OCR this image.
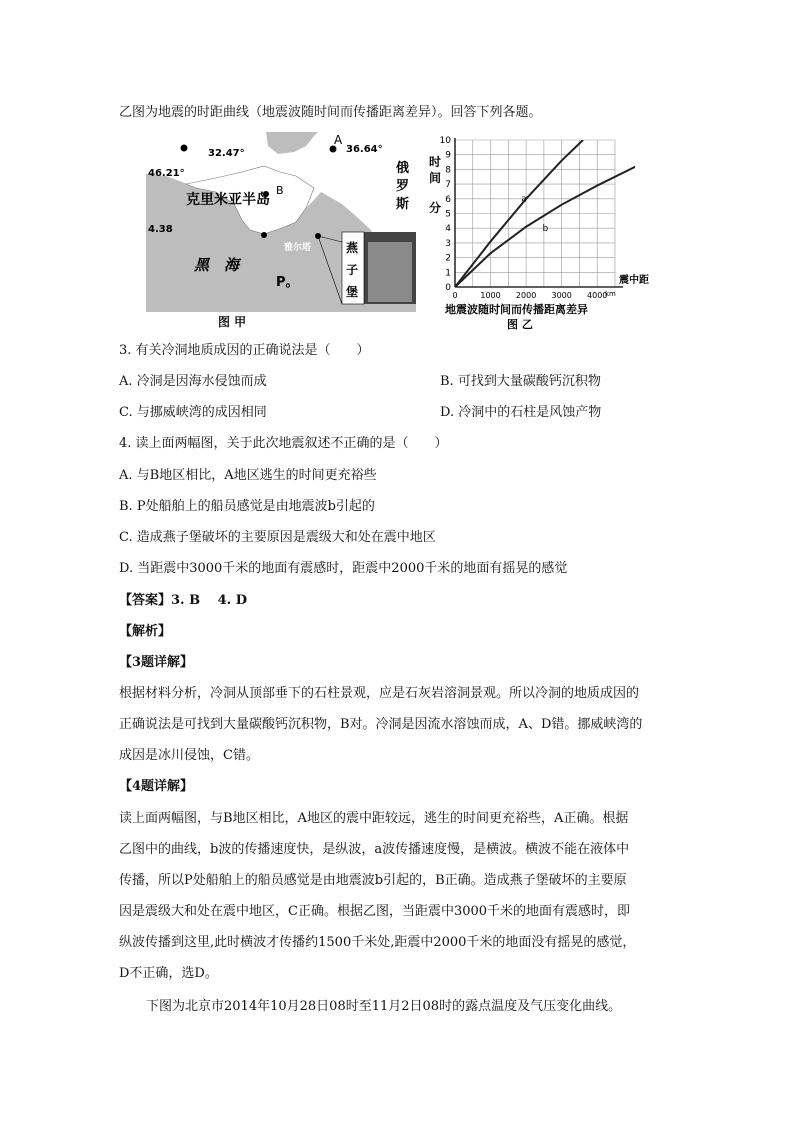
乙图为地震的时距曲线（地震波随时间而传播距离差异）。回答下列各题。
32.47°	36.64°
A
46.21°
4.38
克里米亚半岛
B
雅尔塔
黑　海
P。
俄
罗
斯
燕
子
堡
图 甲
0
1
2
3
4
5
6
7
8
9
10
0	1000 2000 3000 4000
a
b
时
间
分
震中距
km
地震波随时间而传播距离差异
图 乙
3. 有关冷洞地质成因的正确说法是（　　）
A. 冷洞是因海水侵蚀而成	B. 可找到大量碳酸钙沉积物
C. 与挪威峡湾的成因相同	D. 冷洞中的石柱是风蚀产物
4. 读上面两幅图，关于此次地震叙述不正确的是（　　）
A. 与B地区相比，A地区逃生的时间更充裕些
B. P处船舶上的船员感觉是由地震波b引起的
C. 造成燕子堡破坏的主要原因是震级大和处在震中地区
D. 当距震中3000千米的地面有震感时，距震中2000千米的地面有摇晃的感觉
【答案】3. B　 4. D
【解析】
【3题详解】
根据材料分析，冷洞从顶部垂下的石柱景观，应是石灰岩溶洞景观。所以冷洞的地质成因的
正确说法是可找到大量碳酸钙沉积物，B对。冷洞是因流水溶蚀而成，A、D错。挪威峡湾的
成因是冰川侵蚀，C错。
【4题详解】
读上面两幅图，与B地区相比，A地区的震中距较远，逃生的时间更充裕些，A正确。根据
乙图中的曲线，b波的传播速度快，是纵波，a波传播速度慢，是横波。横波不能在液体中
传播，所以P处船舶上的船员感觉是由地震波b引起的，B正确。造成燕子堡破坏的主要原
因是震级大和处在震中地区，C正确。根据乙图，当距震中3000千米的地面有震感时，即
纵波传播到这里,此时横波才传播约1500千米处,距震中2000千米的地面没有摇晃的感觉，
D不正确，选D。
下图为北京市2014年10月28日08时至11月2日08时的露点温度及气压变化曲线。
